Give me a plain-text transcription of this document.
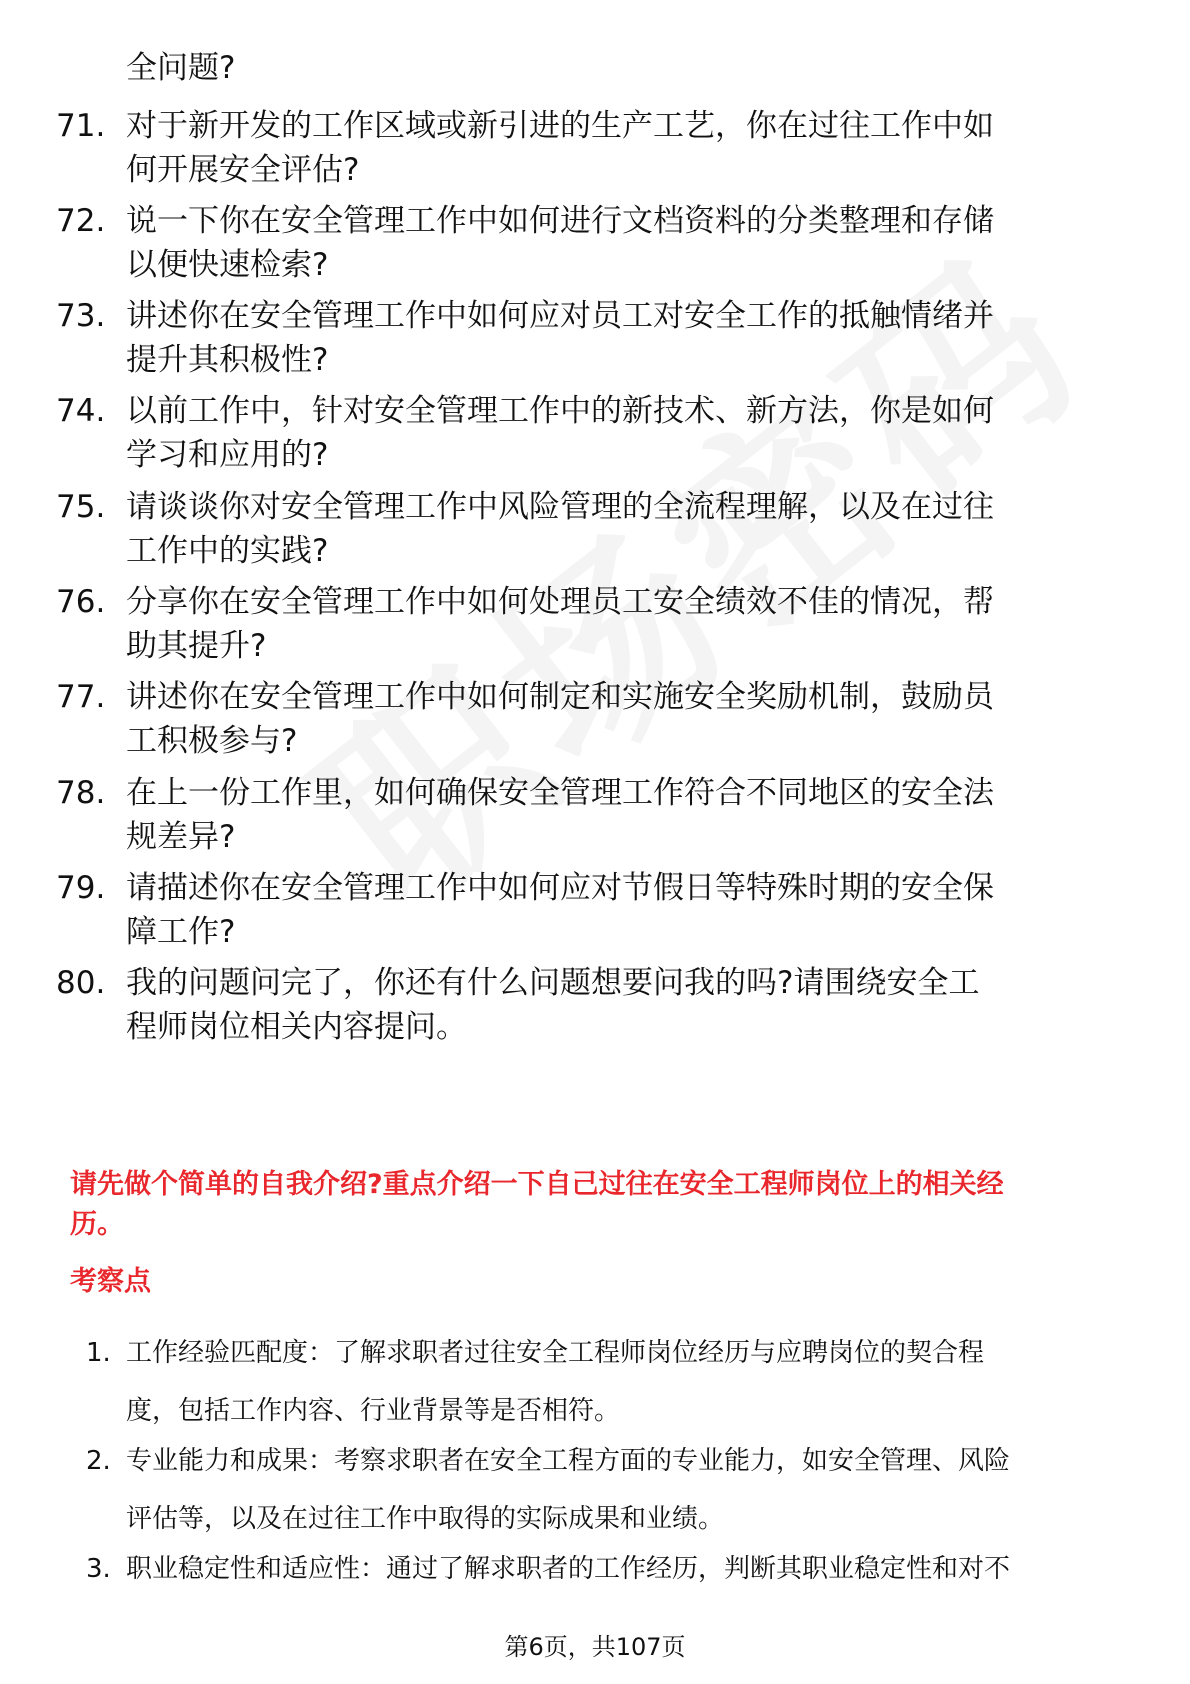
全问题?
71. 对于新开发的工作区域或新引进的生产工艺，你在过往工作中如
何开展安全评估?
72. 说一下你在安全管理工作中如何进行文档资料的分类整理和存储
以便快速检索?
73. 讲述你在安全管理工作中如何应对员工对安全工作的抵触情绪并
提升其积极性?
74. 以前工作中，针对安全管理工作中的新技术、新方法，你是如何
学习和应用的?
75. 请谈谈你对安全管理工作中风险管理的全流程理解，以及在过往
工作中的实践?
76. 分享你在安全管理工作中如何处理员工安全绩效不佳的情况，帮
助其提升?
77. 讲述你在安全管理工作中如何制定和实施安全奖励机制，鼓励员
工积极参与?
78. 在上一份工作里，如何确保安全管理工作符合不同地区的安全法
规差异?
79. 请描述你在安全管理工作中如何应对节假日等特殊时期的安全保
障工作?
80. 我的问题问完了，你还有什么问题想要问我的吗?请围绕安全工
程师岗位相关内容提问。
请先做个简单的自我介绍?重点介绍一下自己过往在安全工程师岗位上的相关经
历。
考察点
1. 工作经验匹配度：了解求职者过往安全工程师岗位经历与应聘岗位的契合程
度，包括工作内容、行业背景等是否相符。
2. 专业能力和成果：考察求职者在安全工程方面的专业能力，如安全管理、风险
评估等，以及在过往工作中取得的实际成果和业绩。
3. 职业稳定性和适应性：通过了解求职者的工作经历，判断其职业稳定性和对不
第6页，共107页
